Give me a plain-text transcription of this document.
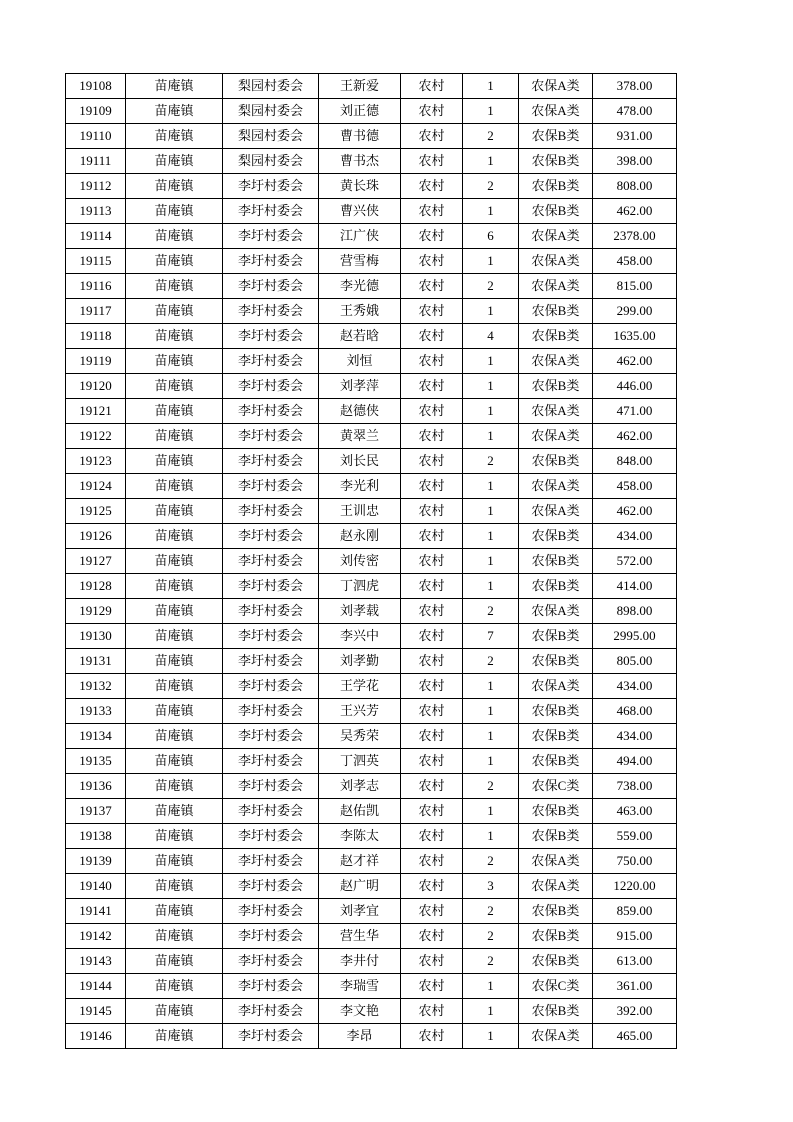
19108	苗庵镇	梨园村委会	王新爱	农村	1	农保A类	378.00
19109	苗庵镇	梨园村委会	刘正德	农村	1	农保A类	478.00
19110	苗庵镇	梨园村委会	曹书德	农村	2	农保B类	931.00
19111	苗庵镇	梨园村委会	曹书杰	农村	1	农保B类	398.00
19112	苗庵镇	李圩村委会	黄长珠	农村	2	农保B类	808.00
19113	苗庵镇	李圩村委会	曹兴侠	农村	1	农保B类	462.00
19114	苗庵镇	李圩村委会	江广侠	农村	6	农保A类	2378.00
19115	苗庵镇	李圩村委会	营雪梅	农村	1	农保A类	458.00
19116	苗庵镇	李圩村委会	李光德	农村	2	农保A类	815.00
19117	苗庵镇	李圩村委会	王秀娥	农村	1	农保B类	299.00
19118	苗庵镇	李圩村委会	赵若晗	农村	4	农保B类	1635.00
19119	苗庵镇	李圩村委会	刘恒	农村	1	农保A类	462.00
19120	苗庵镇	李圩村委会	刘孝萍	农村	1	农保B类	446.00
19121	苗庵镇	李圩村委会	赵德侠	农村	1	农保A类	471.00
19122	苗庵镇	李圩村委会	黄翠兰	农村	1	农保A类	462.00
19123	苗庵镇	李圩村委会	刘长民	农村	2	农保B类	848.00
19124	苗庵镇	李圩村委会	李光利	农村	1	农保A类	458.00
19125	苗庵镇	李圩村委会	王训忠	农村	1	农保A类	462.00
19126	苗庵镇	李圩村委会	赵永刚	农村	1	农保B类	434.00
19127	苗庵镇	李圩村委会	刘传密	农村	1	农保B类	572.00
19128	苗庵镇	李圩村委会	丁泗虎	农村	1	农保B类	414.00
19129	苗庵镇	李圩村委会	刘孝载	农村	2	农保A类	898.00
19130	苗庵镇	李圩村委会	李兴中	农村	7	农保B类	2995.00
19131	苗庵镇	李圩村委会	刘孝勤	农村	2	农保B类	805.00
19132	苗庵镇	李圩村委会	王学花	农村	1	农保A类	434.00
19133	苗庵镇	李圩村委会	王兴芳	农村	1	农保B类	468.00
19134	苗庵镇	李圩村委会	吴秀荣	农村	1	农保B类	434.00
19135	苗庵镇	李圩村委会	丁泗英	农村	1	农保B类	494.00
19136	苗庵镇	李圩村委会	刘孝志	农村	2	农保C类	738.00
19137	苗庵镇	李圩村委会	赵佑凯	农村	1	农保B类	463.00
19138	苗庵镇	李圩村委会	李陈太	农村	1	农保B类	559.00
19139	苗庵镇	李圩村委会	赵才祥	农村	2	农保A类	750.00
19140	苗庵镇	李圩村委会	赵广明	农村	3	农保A类	1220.00
19141	苗庵镇	李圩村委会	刘孝宜	农村	2	农保B类	859.00
19142	苗庵镇	李圩村委会	营生华	农村	2	农保B类	915.00
19143	苗庵镇	李圩村委会	李井付	农村	2	农保B类	613.00
19144	苗庵镇	李圩村委会	李瑞雪	农村	1	农保C类	361.00
19145	苗庵镇	李圩村委会	李文艳	农村	1	农保B类	392.00
19146	苗庵镇	李圩村委会	李昂	农村	1	农保A类	465.00
